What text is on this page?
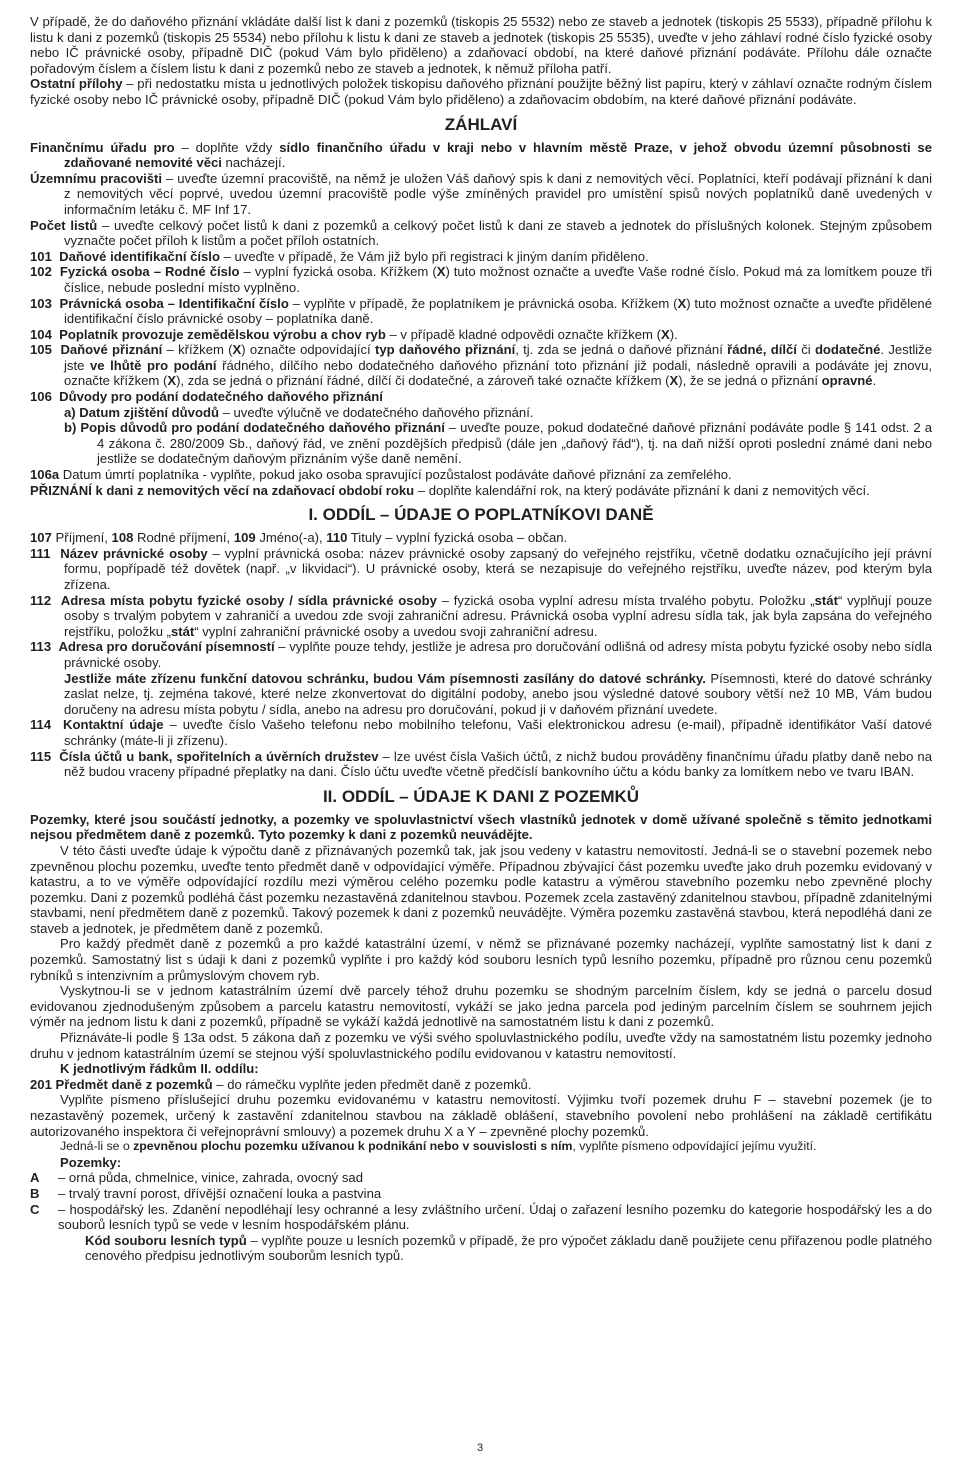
V případě, že do daňového přiznání vkládáte další list k dani z pozemků (tiskopis 25 5532) nebo ze staveb a jednotek (tiskopis 25 5533), případně přílohu k listu k dani z pozemků (tiskopis 25 5534) nebo přílohu k listu k dani ze staveb a jednotek (tiskopis 25 5535), uveďte v jeho záhlaví rodné číslo fyzické osoby nebo IČ právnické osoby, případně DIČ (pokud Vám bylo přiděleno) a zdaňovací období, na které daňové přiznání podáváte. Přílohu dále označte pořadovým číslem a číslem listu k dani z pozemků nebo ze staveb a jednotek, k němuž příloha patří.

Ostatní přílohy – při nedostatku místa u jednotlivých položek tiskopisu daňového přiznání použijte běžný list papíru, který v záhlaví označte rodným číslem fyzické osoby nebo IČ právnické osoby, případně DIČ (pokud Vám bylo přiděleno) a zdaňovacím obdobím, na které daňové přiznání podáváte.

ZÁHLAVÍ

Finančnímu úřadu pro – doplňte vždy sídlo finančního úřadu v kraji nebo v hlavním městě Praze, v jehož obvodu územní působnosti se zdaňované nemovité věci nacházejí.

Územnímu pracovišti – uveďte územní pracoviště, na němž je uložen Váš daňový spis k dani z nemovitých věcí. Poplatníci, kteří podávají přiznání k dani z nemovitých věcí poprvé, uvedou územní pracoviště podle výše zmíněných pravidel pro umístění spisů nových poplatníků daně uvedených v informačním letáku č. MF Inf 17.

Počet listů – uveďte celkový počet listů k dani z pozemků a celkový počet listů k dani ze staveb a jednotek do příslušných kolonek. Stejným způsobem vyznačte počet příloh k listům a počet příloh ostatních.

101 Daňové identifikační číslo – uveďte v případě, že Vám již bylo při registraci k jiným daním přiděleno.

102 Fyzická osoba – Rodné číslo – vyplní fyzická osoba. Křížkem (X) tuto možnost označte a uveďte Vaše rodné číslo. Pokud má za lomítkem pouze tři číslice, nebude poslední místo vyplněno.

103 Právnická osoba – Identifikační číslo – vyplňte v případě, že poplatníkem je právnická osoba. Křížkem (X) tuto možnost označte a uveďte přidělené identifikační číslo právnické osoby – poplatníka daně.

104 Poplatník provozuje zemědělskou výrobu a chov ryb – v případě kladné odpovědi označte křížkem (X).

105 Daňové přiznání – křížkem (X) označte odpovídající typ daňového přiznání, tj. zda se jedná o daňové přiznání řádné, dílčí či dodatečné. Jestliže jste ve lhůtě pro podání řádného, dílčího nebo dodatečného daňového přiznání toto přiznání již podali, následně opravili a podáváte jej znovu, označte křížkem (X), zda se jedná o přiznání řádné, dílčí či dodatečné, a zároveň také označte křížkem (X), že se jedná o přiznání opravné.

106 Důvody pro podání dodatečného daňového přiznání

a) Datum zjištění důvodů – uveďte výlučně ve dodatečného daňového přiznání.

b) Popis důvodů pro podání dodatečného daňového přiznání – uveďte pouze, pokud dodatečné daňové přiznání podáváte podle § 141 odst. 2 a 4 zákona č. 280/2009 Sb., daňový řád, ve znění pozdějších předpisů (dále jen „daňový řád“), tj. na daň nižší oproti poslední známé dani nebo jestliže se dodatečným daňovým přiznáním výše daně nemění.

106a Datum úmrtí poplatníka - vyplňte, pokud jako osoba spravující pozůstalost podáváte daňové přiznání za zemřelého.

PŘIZNÁNÍ k dani z nemovitých věcí na zdaňovací období roku – doplňte kalendářní rok, na který podáváte přiznání k dani z nemovitých věcí.

I. ODDÍL – ÚDAJE O POPLATNÍKOVI DANĚ

107 Příjmení, 108 Rodné příjmení, 109 Jméno(-a), 110 Tituly – vyplní fyzická osoba – občan.

111 Název právnické osoby – vyplní právnická osoba: název právnické osoby zapsaný do veřejného rejstříku, včetně dodatku označujícího její právní formu, popřípadě též dovětek (např. „v likvidaci“). U právnické osoby, která se nezapisuje do veřejného rejstříku, uveďte název, pod kterým byla zřízena.

112 Adresa místa pobytu fyzické osoby / sídla právnické osoby – fyzická osoba vyplní adresu místa trvalého pobytu. Položku „stát“ vyplňují pouze osoby s trvalým pobytem v zahraničí a uvedou zde svoji zahraniční adresu. Právnická osoba vyplní adresu sídla tak, jak byla zapsána do veřejného rejstříku, položku „stát“ vyplní zahraniční právnické osoby a uvedou svoji zahraniční adresu.

113 Adresa pro doručování písemností – vyplňte pouze tehdy, jestliže je adresa pro doručování odlišná od adresy místa pobytu fyzické osoby nebo sídla právnické osoby.

Jestliže máte zřízenu funkční datovou schránku, budou Vám písemnosti zasílány do datové schránky. Písemnosti, které do datové schránky zaslat nelze, tj. zejména takové, které nelze zkonvertovat do digitální podoby, anebo jsou výsledné datové soubory větší než 10 MB, Vám budou doručeny na adresu místa pobytu / sídla, anebo na adresu pro doručování, pokud ji v daňovém přiznání uvedete.

114 Kontaktní údaje – uveďte číslo Vašeho telefonu nebo mobilního telefonu, Vaši elektronickou adresu (e-mail), případně identifikátor Vaší datové schránky (máte-li ji zřízenu).

115 Čísla účtů u bank, spořitelních a úvěrních družstev – lze uvést čísla Vašich účtů, z nichž budou prováděny finančnímu úřadu platby daně nebo na něž budou vraceny případné přeplatky na dani. Číslo účtu uveďte včetně předčíslí bankovního účtu a kódu banky za lomítkem nebo ve tvaru IBAN.

II. ODDÍL – ÚDAJE K DANI Z POZEMKŮ

Pozemky, které jsou součástí jednotky, a pozemky ve spoluvlastnictví všech vlastníků jednotek v domě užívané společně s těmito jednotkami nejsou předmětem daně z pozemků. Tyto pozemky k dani z pozemků neuvádějte.

V této části uveďte údaje k výpočtu daně z přiznávaných pozemků tak, jak jsou vedeny v katastru nemovitostí. Jedná-li se o stavební pozemek nebo zpevněnou plochu pozemku, uveďte tento předmět daně v odpovídající výměře. Případnou zbývající část pozemku uveďte jako druh pozemku evidovaný v katastru, a to ve výměře odpovídající rozdílu mezi výměrou celého pozemku podle katastru a výměrou stavebního pozemku nebo zpevněné plochy pozemku. Dani z pozemků podléhá část pozemku nezastavěná zdanitelnou stavbou. Pozemek zcela zastavěný zdanitelnou stavbou, případně zdanitelnými stavbami, není předmětem daně z pozemků. Takový pozemek k dani z pozemků neuvádějte. Výměra pozemku zastavěná stavbou, která nepodléhá dani ze staveb a jednotek, je předmětem daně z pozemků.

Pro každý předmět daně z pozemků a pro každé katastrální území, v němž se přiznávané pozemky nacházejí, vyplňte samostatný list k dani z pozemků. Samostatný list s údaji k dani z pozemků vyplňte i pro každý kód souboru lesních typů lesního pozemku, případně pro různou cenu pozemků rybníků s intenzivním a průmyslovým chovem ryb.

Vyskytnou-li se v jednom katastrálním území dvě parcely téhož druhu pozemku se shodným parcelním číslem, kdy se jedná o parcelu dosud evidovanou zjednodušeným způsobem a parcelu katastru nemovitostí, vykáží se jako jedna parcela pod jediným parcelním číslem se souhrnem jejich výměr na jednom listu k dani z pozemků, případně se vykáží každá jednotlivě na samostatném listu k dani z pozemků.

Přiznáváte-li podle § 13a odst. 5 zákona daň z pozemku ve výši svého spoluvlastnického podílu, uveďte vždy na samostatném listu pozemky jednoho druhu v jednom katastrálním území se stejnou výší spoluvlastnického podílu evidovanou v katastru nemovitostí.

K jednotlivým řádkům II. oddílu:

201 Předmět daně z pozemků – do rámečku vyplňte jeden předmět daně z pozemků.

Vyplňte písmeno příslušející druhu pozemku evidovanému v katastru nemovitostí. Výjimku tvoří pozemek druhu F – stavební pozemek (je to nezastavěný pozemek, určený k zastavění zdanitelnou stavbou na základě oblášení, stavebního povolení nebo prohlášení na základě certifikátu autorizovaného inspektora či veřejnoprávní smlouvy) a pozemek druhu X a Y – zpevněné plochy pozemků.

Jedná-li se o zpevněnou plochu pozemku užívanou k podnikání nebo v souvislosti s ním, vyplňte písmeno odpovídající jejímu využití.

Pozemky:

A – orná půda, chmelnice, vinice, zahrada, ovocný sad

B – trvalý travní porost, dřívější označení louka a pastvina

C – hospodářský les. Zdanění nepodléhají lesy ochranné a lesy zvláštního určení. Údaj o zařazení lesního pozemku do kategorie hospodářský les a do souborů lesních typů se vede v lesním hospodářském plánu.

Kód souboru lesních typů – vyplňte pouze u lesních pozemků v případě, že pro výpočet základu daně použijete cenu přiřazenou podle platného cenového předpisu jednotlivým souborům lesních typů.

3
